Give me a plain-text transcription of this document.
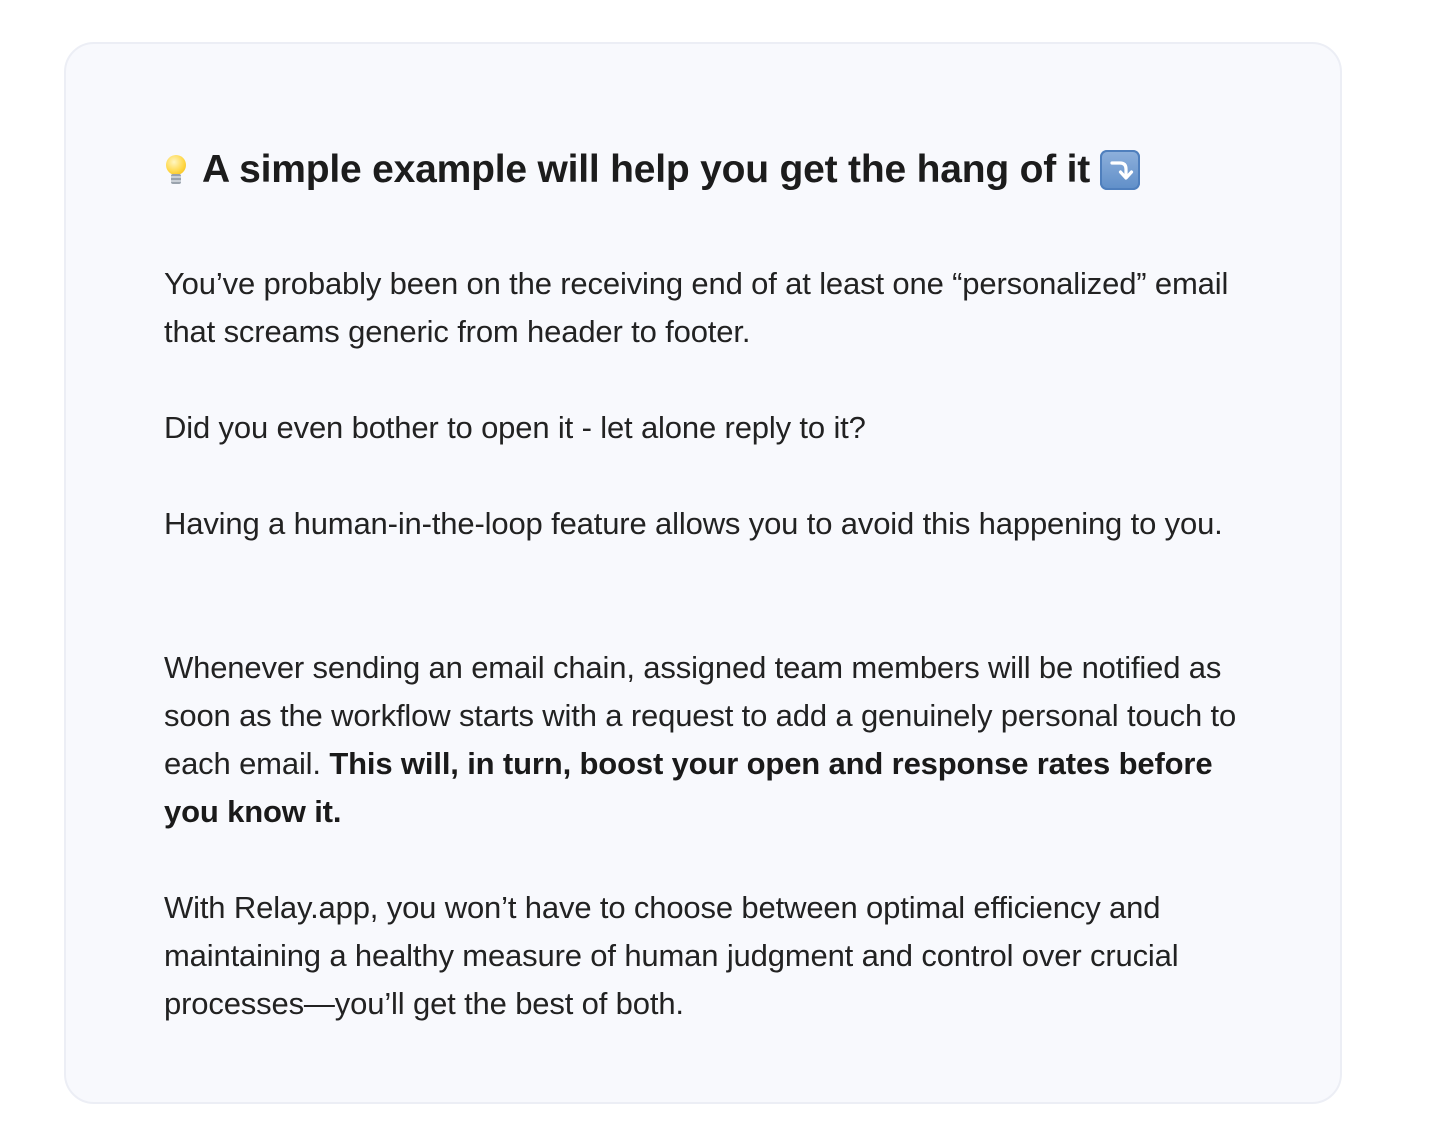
A simple example will help you get the hang of it

You’ve probably been on the receiving end of at least one “personalized” email that screams generic from header to footer.

Did you even bother to open it - let alone reply to it?

Having a human-in-the-loop feature allows you to avoid this happening to you.

Whenever sending an email chain, assigned team members will be notified as soon as the workflow starts with a request to add a genuinely personal touch to each email. This will, in turn, boost your open and response rates before you know it.

With Relay.app, you won’t have to choose between optimal efficiency and maintaining a healthy measure of human judgment and control over crucial processes—you’ll get the best of both.
